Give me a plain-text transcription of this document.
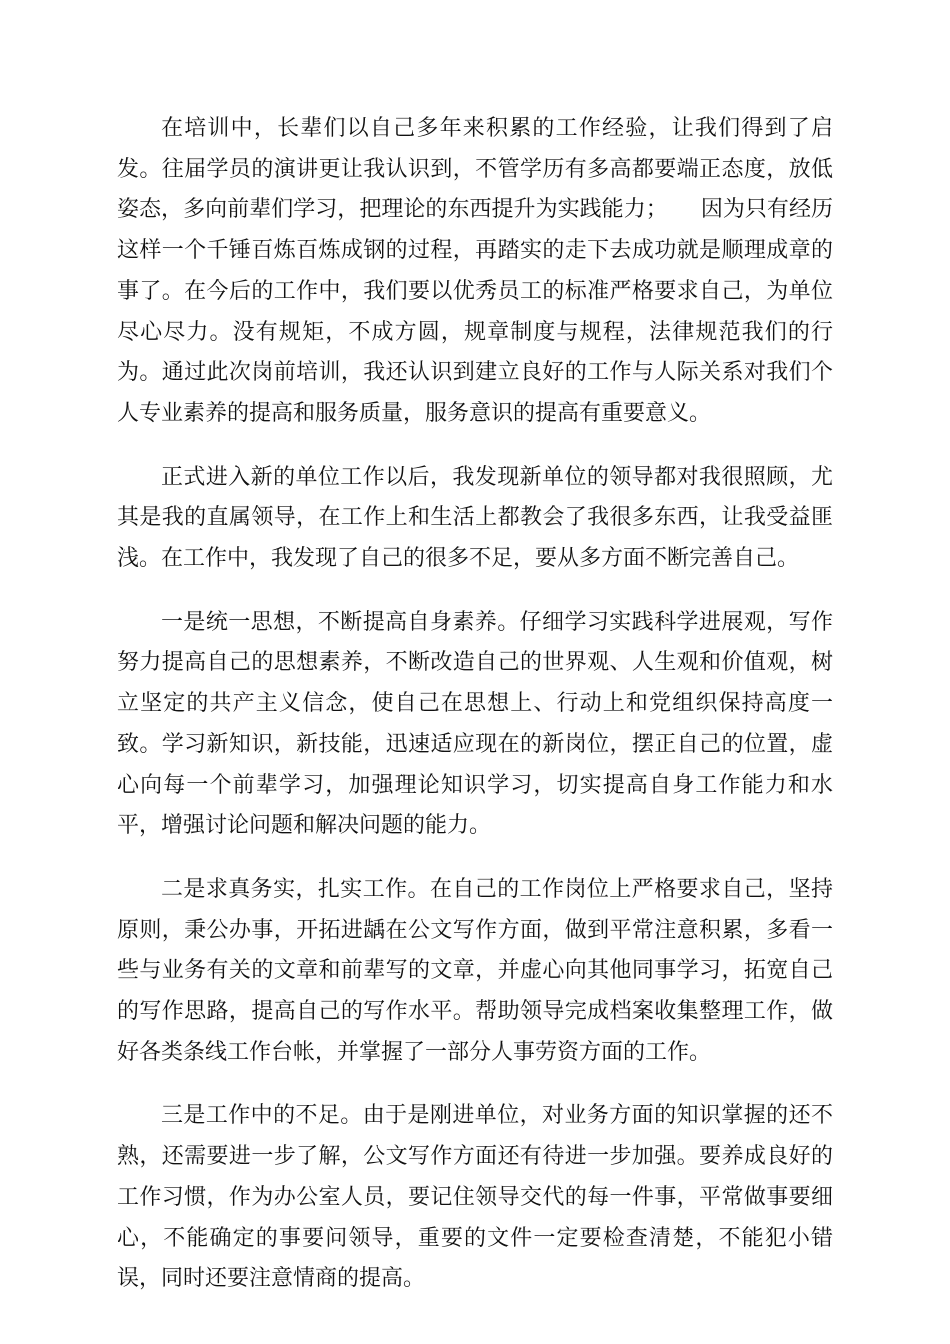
在培训中，长辈们以自己多年来积累的工作经验，让我们得到了启发。往届学员的演讲更让我认识到，不管学历有多高都要端正态度，放低姿态，多向前辈们学习，把理论的东西提升为实践能力；　　因为只有经历这样一个千锤百炼百炼成钢的过程，再踏实的走下去成功就是顺理成章的事了。在今后的工作中，我们要以优秀员工的标准严格要求自己，为单位尽心尽力。没有规矩，不成方圆，规章制度与规程，法律规范我们的行为。通过此次岗前培训，我还认识到建立良好的工作与人际关系对我们个人专业素养的提高和服务质量，服务意识的提高有重要意义。

正式进入新的单位工作以后，我发现新单位的领导都对我很照顾，尤其是我的直属领导，在工作上和生活上都教会了我很多东西，让我受益匪浅。在工作中，我发现了自己的很多不足，要从多方面不断完善自己。

一是统一思想，不断提高自身素养。仔细学习实践科学进展观，写作努力提高自己的思想素养，不断改造自己的世界观、人生观和价值观，树立坚定的共产主义信念，使自己在思想上、行动上和党组织保持高度一致。学习新知识，新技能，迅速适应现在的新岗位，摆正自己的位置，虚心向每一个前辈学习，加强理论知识学习，切实提高自身工作能力和水平，增强讨论问题和解决问题的能力。

二是求真务实，扎实工作。在自己的工作岗位上严格要求自己，坚持原则，秉公办事，开拓进龋在公文写作方面，做到平常注意积累，多看一些与业务有关的文章和前辈写的文章，并虚心向其他同事学习，拓宽自己的写作思路，提高自己的写作水平。帮助领导完成档案收集整理工作，做好各类条线工作台帐，并掌握了一部分人事劳资方面的工作。

三是工作中的不足。由于是刚进单位，对业务方面的知识掌握的还不熟，还需要进一步了解，公文写作方面还有待进一步加强。要养成良好的工作习惯，作为办公室人员，要记住领导交代的每一件事，平常做事要细心，不能确定的事要问领导，重要的文件一定要检查清楚，不能犯小错误，同时还要注意情商的提高。
